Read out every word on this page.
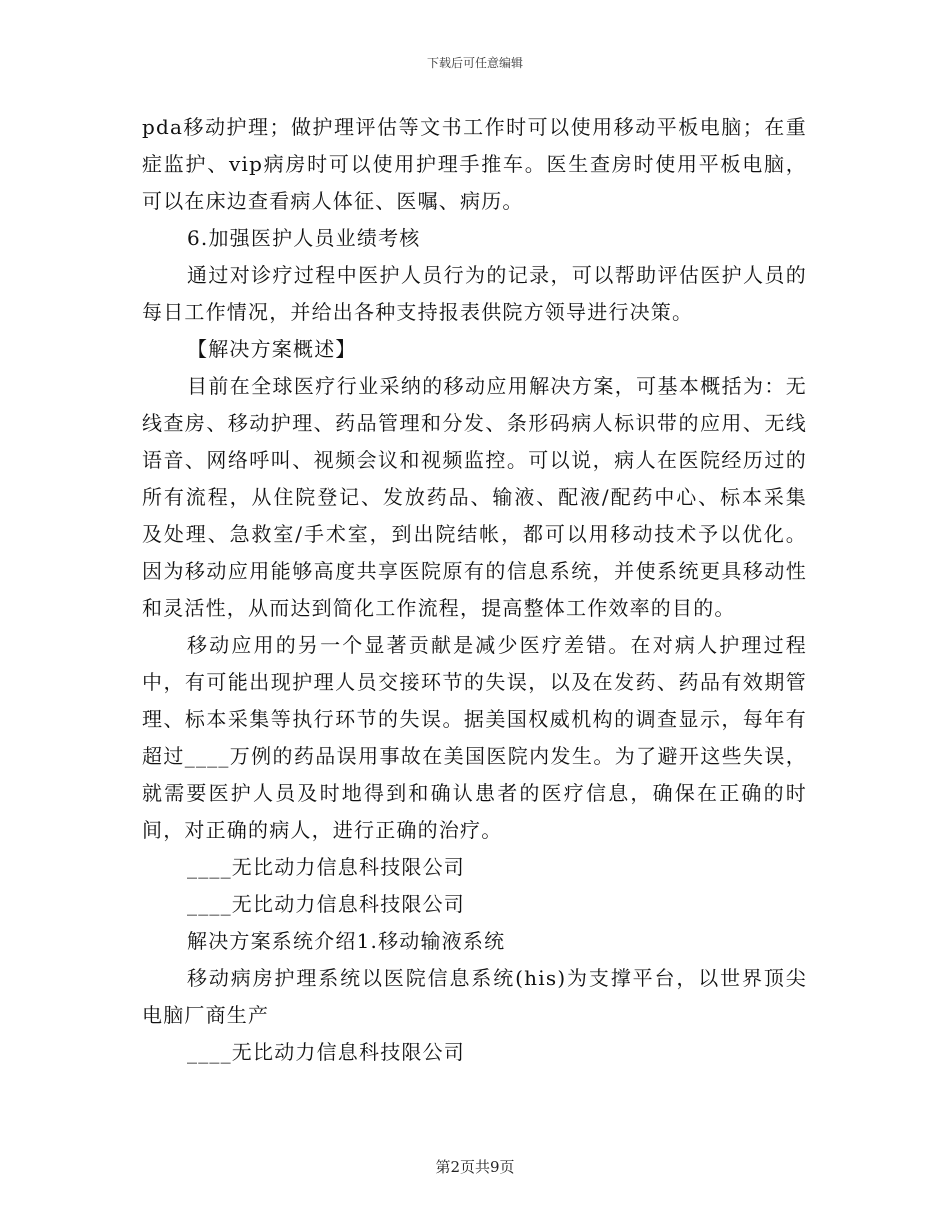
下载后可任意编辑

pda移动护理；做护理评估等文书工作时可以使用移动平板电脑；在重症监护、vip病房时可以使用护理手推车。医生查房时使用平板电脑，可以在床边查看病人体征、医嘱、病历。

6.加强医护人员业绩考核

通过对诊疗过程中医护人员行为的记录，可以帮助评估医护人员的每日工作情况，并给出各种支持报表供院方领导进行决策。

【解决方案概述】

目前在全球医疗行业采纳的移动应用解决方案，可基本概括为：无线查房、移动护理、药品管理和分发、条形码病人标识带的应用、无线语音、网络呼叫、视频会议和视频监控。可以说，病人在医院经历过的所有流程，从住院登记、发放药品、输液、配液/配药中心、标本采集及处理、急救室/手术室，到出院结帐，都可以用移动技术予以优化。因为移动应用能够高度共享医院原有的信息系统，并使系统更具移动性和灵活性，从而达到简化工作流程，提高整体工作效率的目的。

移动应用的另一个显著贡献是减少医疗差错。在对病人护理过程中，有可能出现护理人员交接环节的失误，以及在发药、药品有效期管理、标本采集等执行环节的失误。据美国权威机构的调查显示，每年有超过____万例的药品误用事故在美国医院内发生。为了避开这些失误，就需要医护人员及时地得到和确认患者的医疗信息，确保在正确的时间，对正确的病人，进行正确的治疗。

____无比动力信息科技限公司

____无比动力信息科技限公司

解决方案系统介绍1.移动输液系统

移动病房护理系统以医院信息系统(his)为支撑平台，以世界顶尖电脑厂商生产

____无比动力信息科技限公司

第2页共9页
